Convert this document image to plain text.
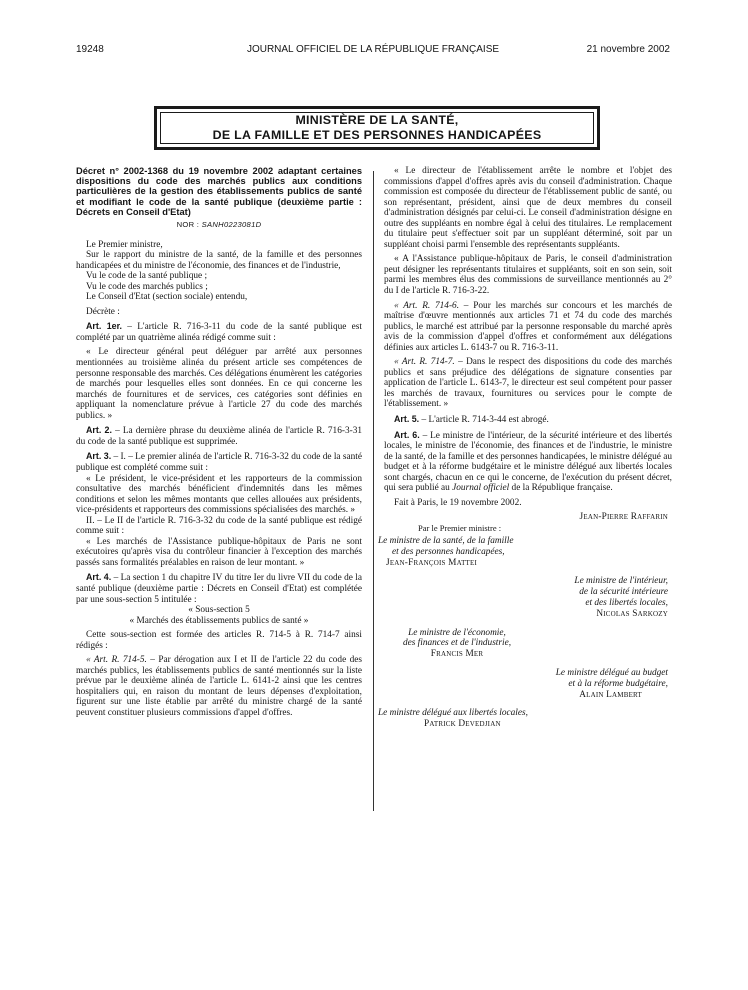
19248	JOURNAL OFFICIEL DE LA RÉPUBLIQUE FRANÇAISE	21 novembre 2002
MINISTÈRE DE LA SANTÉ,
DE LA FAMILLE ET DES PERSONNES HANDICAPÉES
Décret n° 2002-1368 du 19 novembre 2002 adaptant certaines dispositions du code des marchés publics aux conditions particulières de la gestion des établissements publics de santé et modifiant le code de la santé publique (deuxième partie : Décrets en Conseil d'Etat)
NOR : SANH0223081D

Le Premier ministre,

Sur le rapport du ministre de la santé, de la famille et des personnes handicapées et du ministre de l'économie, des finances et de l'industrie,

Vu le code de la santé publique ;

Vu le code des marchés publics ;

Le Conseil d'Etat (section sociale) entendu,

Décrète :

Art. 1er. – L'article R. 716-3-11 du code de la santé publique est complété par un quatrième alinéa rédigé comme suit :

« Le directeur général peut déléguer par arrêté aux personnes mentionnées au troisième alinéa du présent article ses compétences de personne responsable des marchés. Ces délégations énumèrent les catégories de marchés pour lesquelles elles sont données. En ce qui concerne les marchés de fournitures et de services, ces catégories sont définies en appliquant la nomenclature prévue à l'article 27 du code des marchés publics. »

Art. 2. – La dernière phrase du deuxième alinéa de l'article R. 716-3-31 du code de la santé publique est supprimée.

Art. 3. – I. – Le premier alinéa de l'article R. 716-3-32 du code de la santé publique est complété comme suit :

« Le président, le vice-président et les rapporteurs de la commission consultative des marchés bénéficient d'indemnités dans les mêmes conditions et selon les mêmes montants que celles allouées aux présidents, vice-présidents et rapporteurs des commissions spécialisées des marchés. »

II. – Le II de l'article R. 716-3-32 du code de la santé publique est rédigé comme suit :

« Les marchés de l'Assistance publique-hôpitaux de Paris ne sont exécutoires qu'après visa du contrôleur financier à l'exception des marchés passés sans formalités préalables en raison de leur montant. »

Art. 4. – La section 1 du chapitre IV du titre Ier du livre VII du code de la santé publique (deuxième partie : Décrets en Conseil d'Etat) est complétée par une sous-section 5 intitulée :

« Sous-section 5

« Marchés des établissements publics de santé »

Cette sous-section est formée des articles R. 714-5 à R. 714-7 ainsi rédigés :

« Art. R. 714-5. – Par dérogation aux I et II de l'article 22 du code des marchés publics, les établissements publics de santé mentionnés sur la liste prévue par le deuxième alinéa de l'article L. 6141-2 ainsi que les centres hospitaliers qui, en raison du montant de leurs dépenses d'exploitation, figurent sur une liste établie par arrêté du ministre chargé de la santé peuvent constituer plusieurs commissions d'appel d'offres.

« Le directeur de l'établissement arrête le nombre et l'objet des commissions d'appel d'offres après avis du conseil d'administration. Chaque commission est composée du directeur de l'établissement public de santé, ou son représentant, président, ainsi que de deux membres du conseil d'administration désignés par celui-ci. Le conseil d'administration désigne en outre des suppléants en nombre égal à celui des titulaires. Le remplacement du titulaire peut s'effectuer soit par un suppléant déterminé, soit par un suppléant choisi parmi l'ensemble des représentants suppléants.

« A l'Assistance publique-hôpitaux de Paris, le conseil d'administration peut désigner les représentants titulaires et suppléants, soit en son sein, soit parmi les membres élus des commissions de surveillance mentionnés au 2° du I de l'article R. 716-3-22.

« Art. R. 714-6. – Pour les marchés sur concours et les marchés de maîtrise d'œuvre mentionnés aux articles 71 et 74 du code des marchés publics, le marché est attribué par la personne responsable du marché après avis de la commission d'appel d'offres et conformément aux délégations définies aux articles L. 6143-7 ou R. 716-3-11.

« Art. R. 714-7. – Dans le respect des dispositions du code des marchés publics et sans préjudice des délégations de signature consenties par application de l'article L. 6143-7, le directeur est seul compétent pour passer les marchés de travaux, fournitures ou services pour le compte de l'établissement. »

Art. 5. – L'article R. 714-3-44 est abrogé.

Art. 6. – Le ministre de l'intérieur, de la sécurité intérieure et des libertés locales, le ministre de l'économie, des finances et de l'industrie, le ministre de la santé, de la famille et des personnes handicapées, le ministre délégué au budget et à la réforme budgétaire et le ministre délégué aux libertés locales sont chargés, chacun en ce qui le concerne, de l'exécution du présent décret, qui sera publié au Journal officiel de la République française.

Fait à Paris, le 19 novembre 2002.

Jean-Pierre Raffarin
Par le Premier ministre :
Le ministre de la santé, de la famille
et des personnes handicapées,
Jean-François Mattei
Le ministre de l'intérieur,
de la sécurité intérieure
et des libertés locales,
Nicolas Sarkozy
Le ministre de l'économie,
des finances et de l'industrie,
Francis Mer
Le ministre délégué au budget
et à la réforme budgétaire,
Alain Lambert
Le ministre délégué aux libertés locales,
Patrick Devedjian
